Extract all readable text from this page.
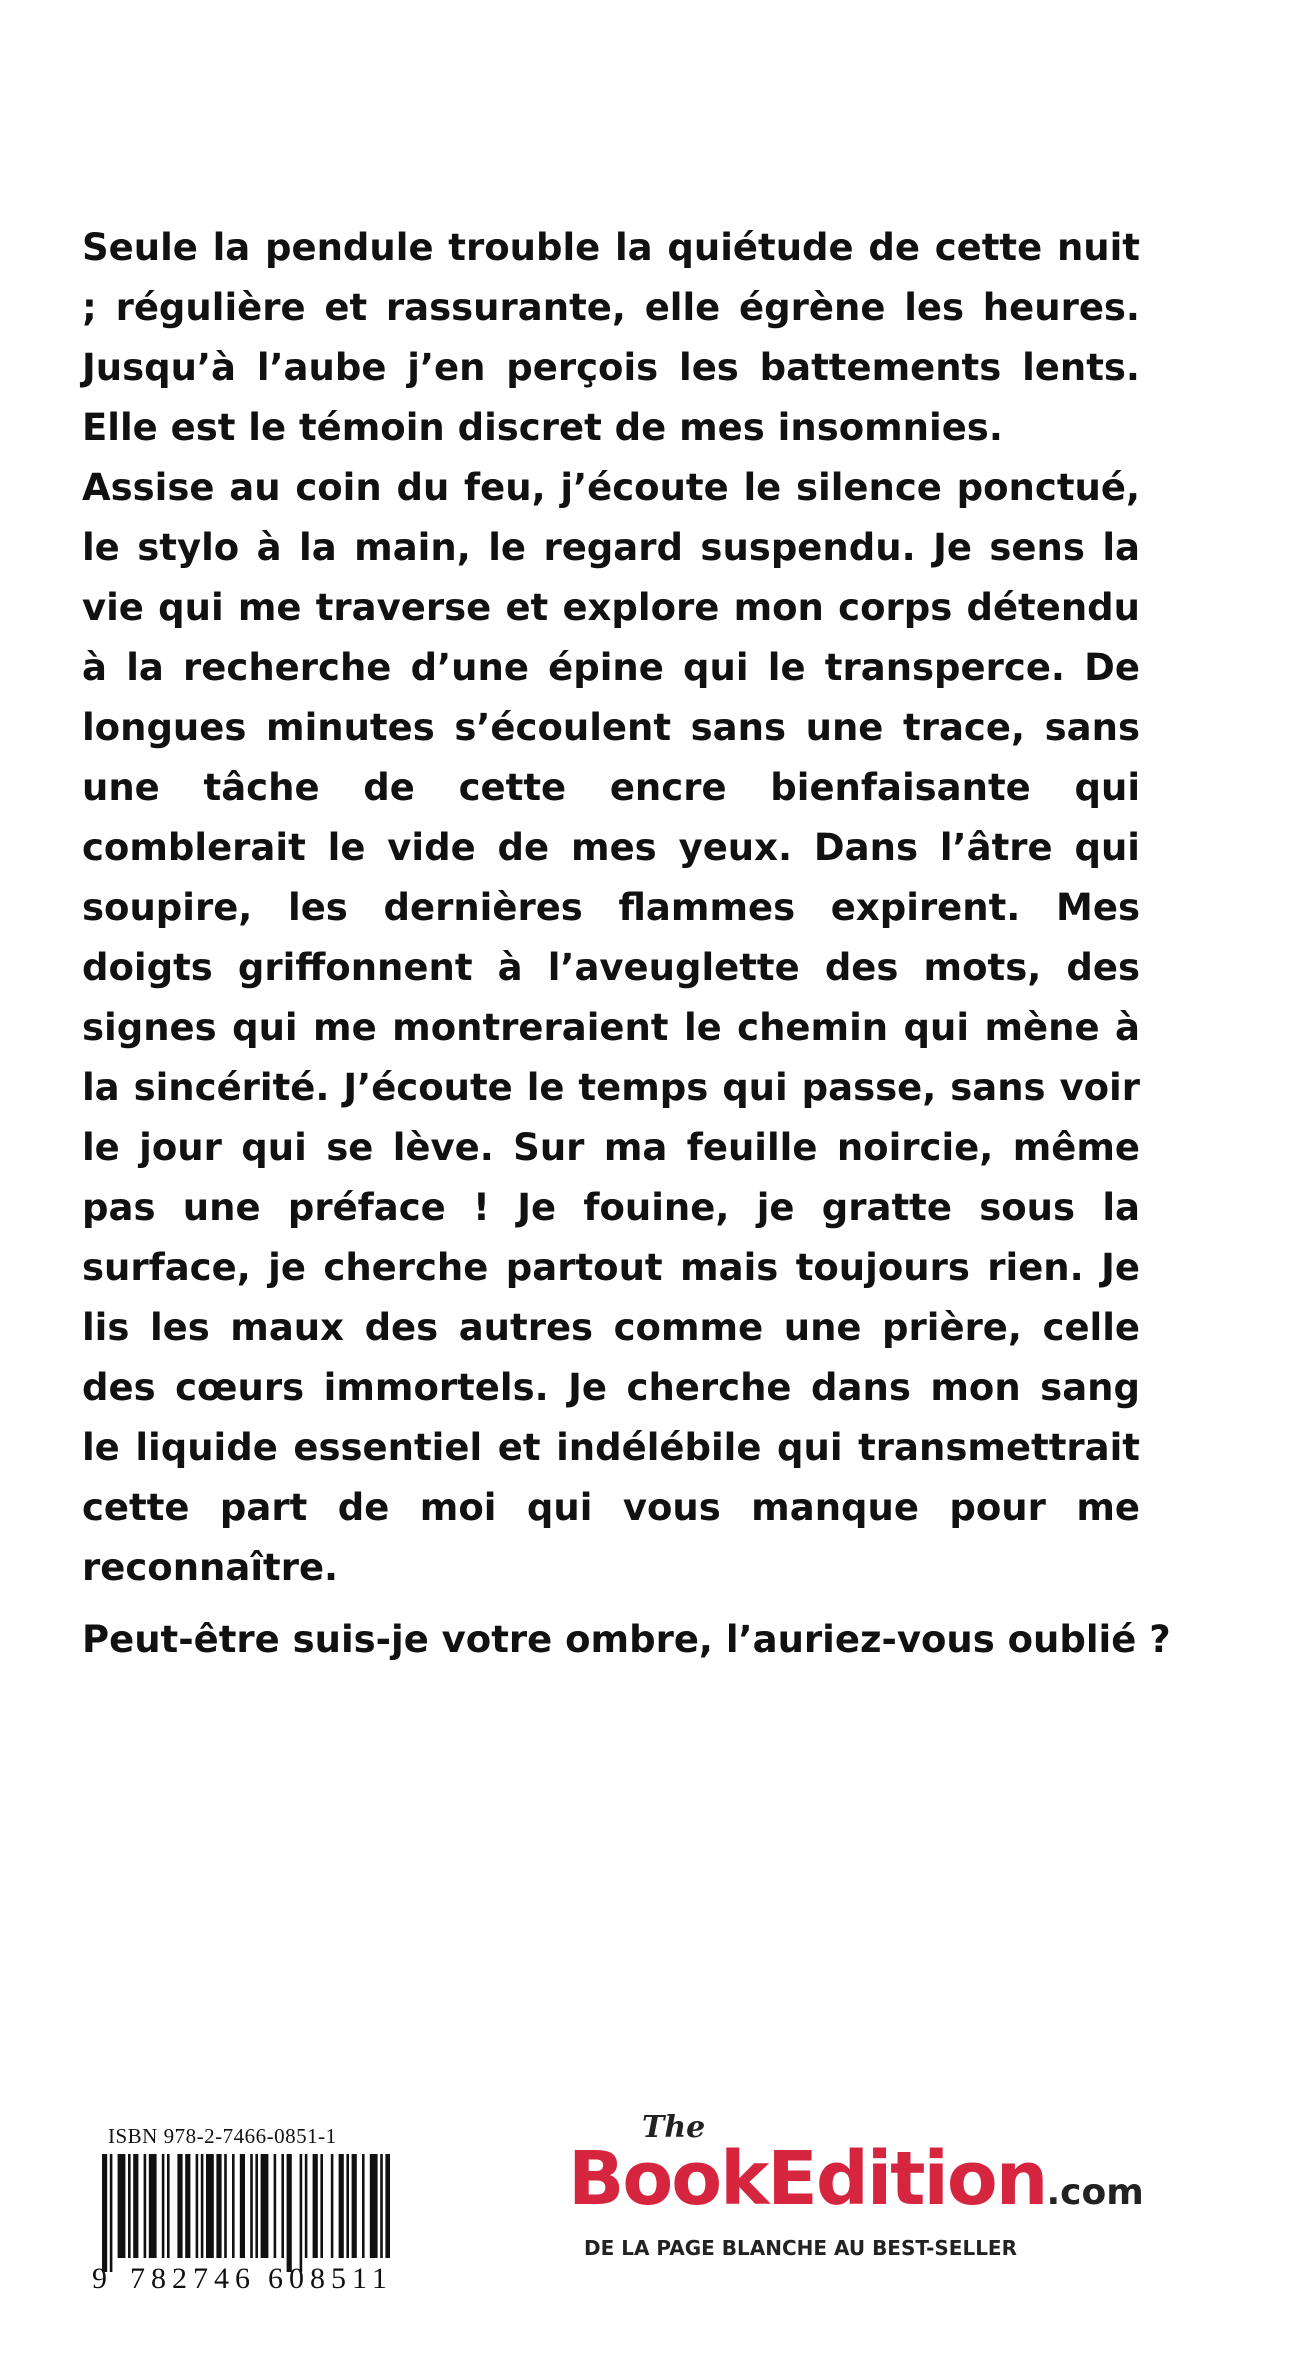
Seule la pendule trouble la quiétude de cette nuit ; régulière et rassurante, elle égrène les heures. Jusqu’à l’aube j’en perçois les battements lents. Elle est le témoin discret de mes insomnies.

Assise au coin du feu, j’écoute le silence ponctué, le stylo à la main, le regard suspendu. Je sens la vie qui me traverse et explore mon corps détendu à la recherche d’une épine qui le transperce. De longues minutes s’écoulent sans une trace, sans une tâche de cette encre bienfaisante qui comblerait le vide de mes yeux. Dans l’âtre qui soupire, les dernières flammes expirent. Mes doigts griffonnent à l’aveuglette des mots, des signes qui me montreraient le chemin qui mène à la sincérité. J’écoute le temps qui passe, sans voir le jour qui se lève. Sur ma feuille noircie, même pas une préface ! Je fouine, je gratte sous la surface, je cherche partout mais toujours rien. Je lis les maux des autres comme une prière, celle des cœurs immortels. Je cherche dans mon sang le liquide essentiel et indélébile qui transmettrait cette part de moi qui vous manque pour me reconnaître.

Peut-être suis-je votre ombre, l’auriez-vous oublié ?
ISBN 978-2-7466-0851-1
9 782746 608511
The
BookEdition.com
DE LA PAGE BLANCHE AU BEST-SELLER
